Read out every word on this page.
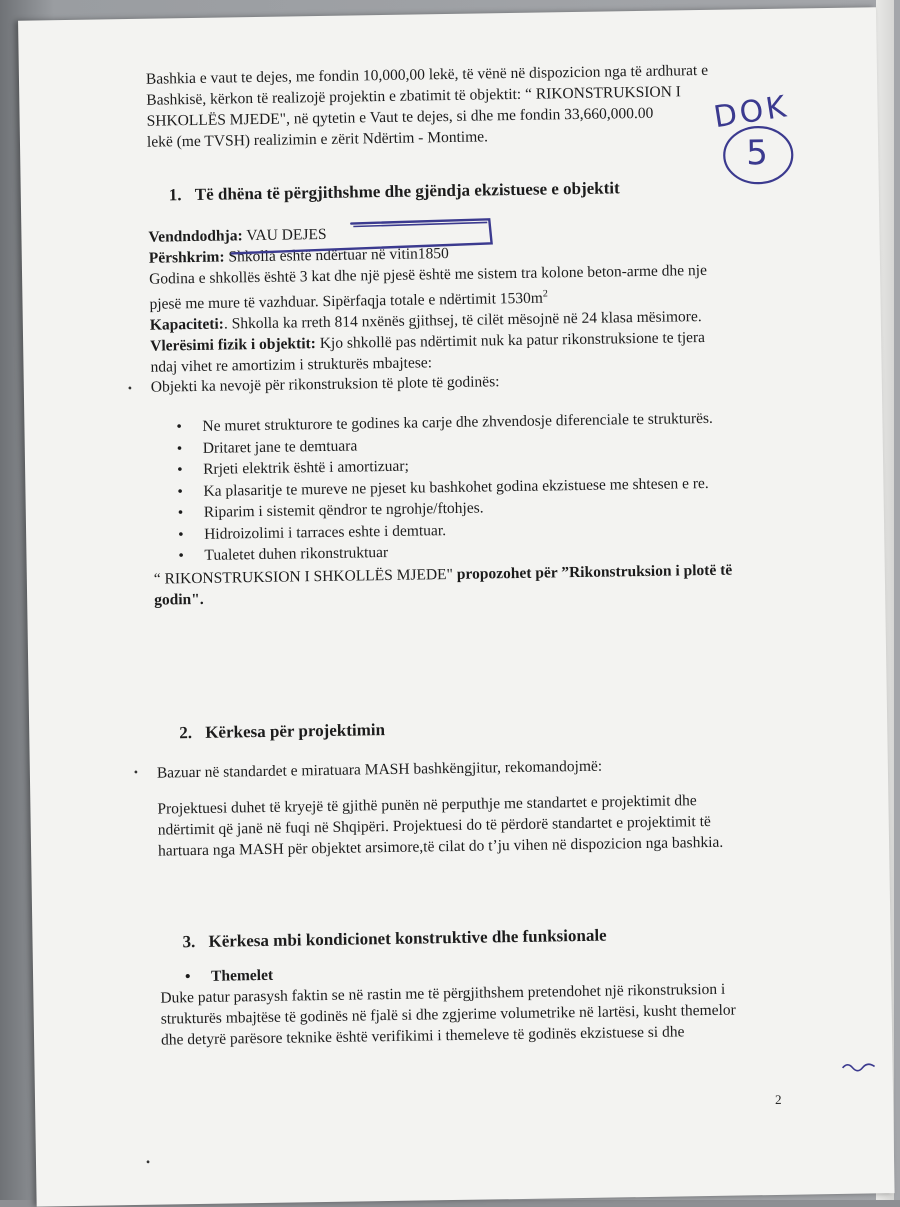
Bashkia e vaut te dejes, me fondin 10,000,00 lekë, të vënë në dispozicion nga të ardhurat e
Bashkisë, kërkon të realizojë projektin e zbatimit të objektit: “ RIKONSTRUKSION I
SHKOLLËS MJEDE", në qytetin e Vaut te dejes, si dhe me fondin 33,660,000.00
lekë (me TVSH) realizimin e zërit Ndërtim - Montime.
1. Të dhëna të përgjithshme dhe gjëndja ekzistuese e objektit
Vendndodhja: VAU DEJES
Përshkrim: Shkolla është ndërtuar në vitin1850
Godina e shkollës është 3 kat dhe një pjesë është me sistem tra kolone beton-arme dhe nje
pjesë me mure të vazhduar. Sipërfaqja totale e ndërtimit $1530m^2$
Kapaciteti:. Shkolla ka rreth 814 nxënës gjithsej, të cilët mësojnë në 24 klasa mësimore.
Vlerësimi fizik i objektit: Kjo shkollë pas ndërtimit nuk ka patur rikonstruksione te tjera
ndaj vihet re amortizim i strukturës mbajtese:
Objekti ka nevojë për rikonstruksion të plote të godinës:
• Ne muret strukturore te godines ka carje dhe zhvendosje diferenciale te strukturës.
• Dritaret jane te demtuara
• Rrjeti elektrik është i amortizuar;
• Ka plasaritje te mureve ne pjeset ku bashkohet godina ekzistuese me shtesen e re.
• Riparim i sistemit qëndror te ngrohje/ftohjes.
• Hidroizolimi i tarraces eshte i demtuar.
• Tualetet duhen rikonstruktuar
“ RIKONSTRUKSION I SHKOLLËS MJEDE" propozohet për ”Rikonstruksion i plotë të
godin".
2. Kërkesa për projektimin
Bazuar në standardet e miratuara MASH bashkëngjitur, rekomandojmë:
Projektuesi duhet të kryejë të gjithë punën në perputhje me standartet e projektimit dhe
ndërtimit që janë në fuqi në Shqipëri. Projektuesi do të përdorë standartet e projektimit të
hartuara nga MASH për objektet arsimore,të cilat do t’ju vihen në dispozicion nga bashkia.
3. Kërkesa mbi kondicionet konstruktive dhe funksionale
• Themelet
Duke patur parasysh faktin se në rastin me të përgjithshem pretendohet një rikonstruksion i
strukturës mbajtëse të godinës në fjalë si dhe zgjerime volumetrike në lartësi, kusht themelor
dhe detyrë parësore teknike është verifikimi i themeleve të godinës ekzistuese si dhe
2
•
•
•
DOK
5
